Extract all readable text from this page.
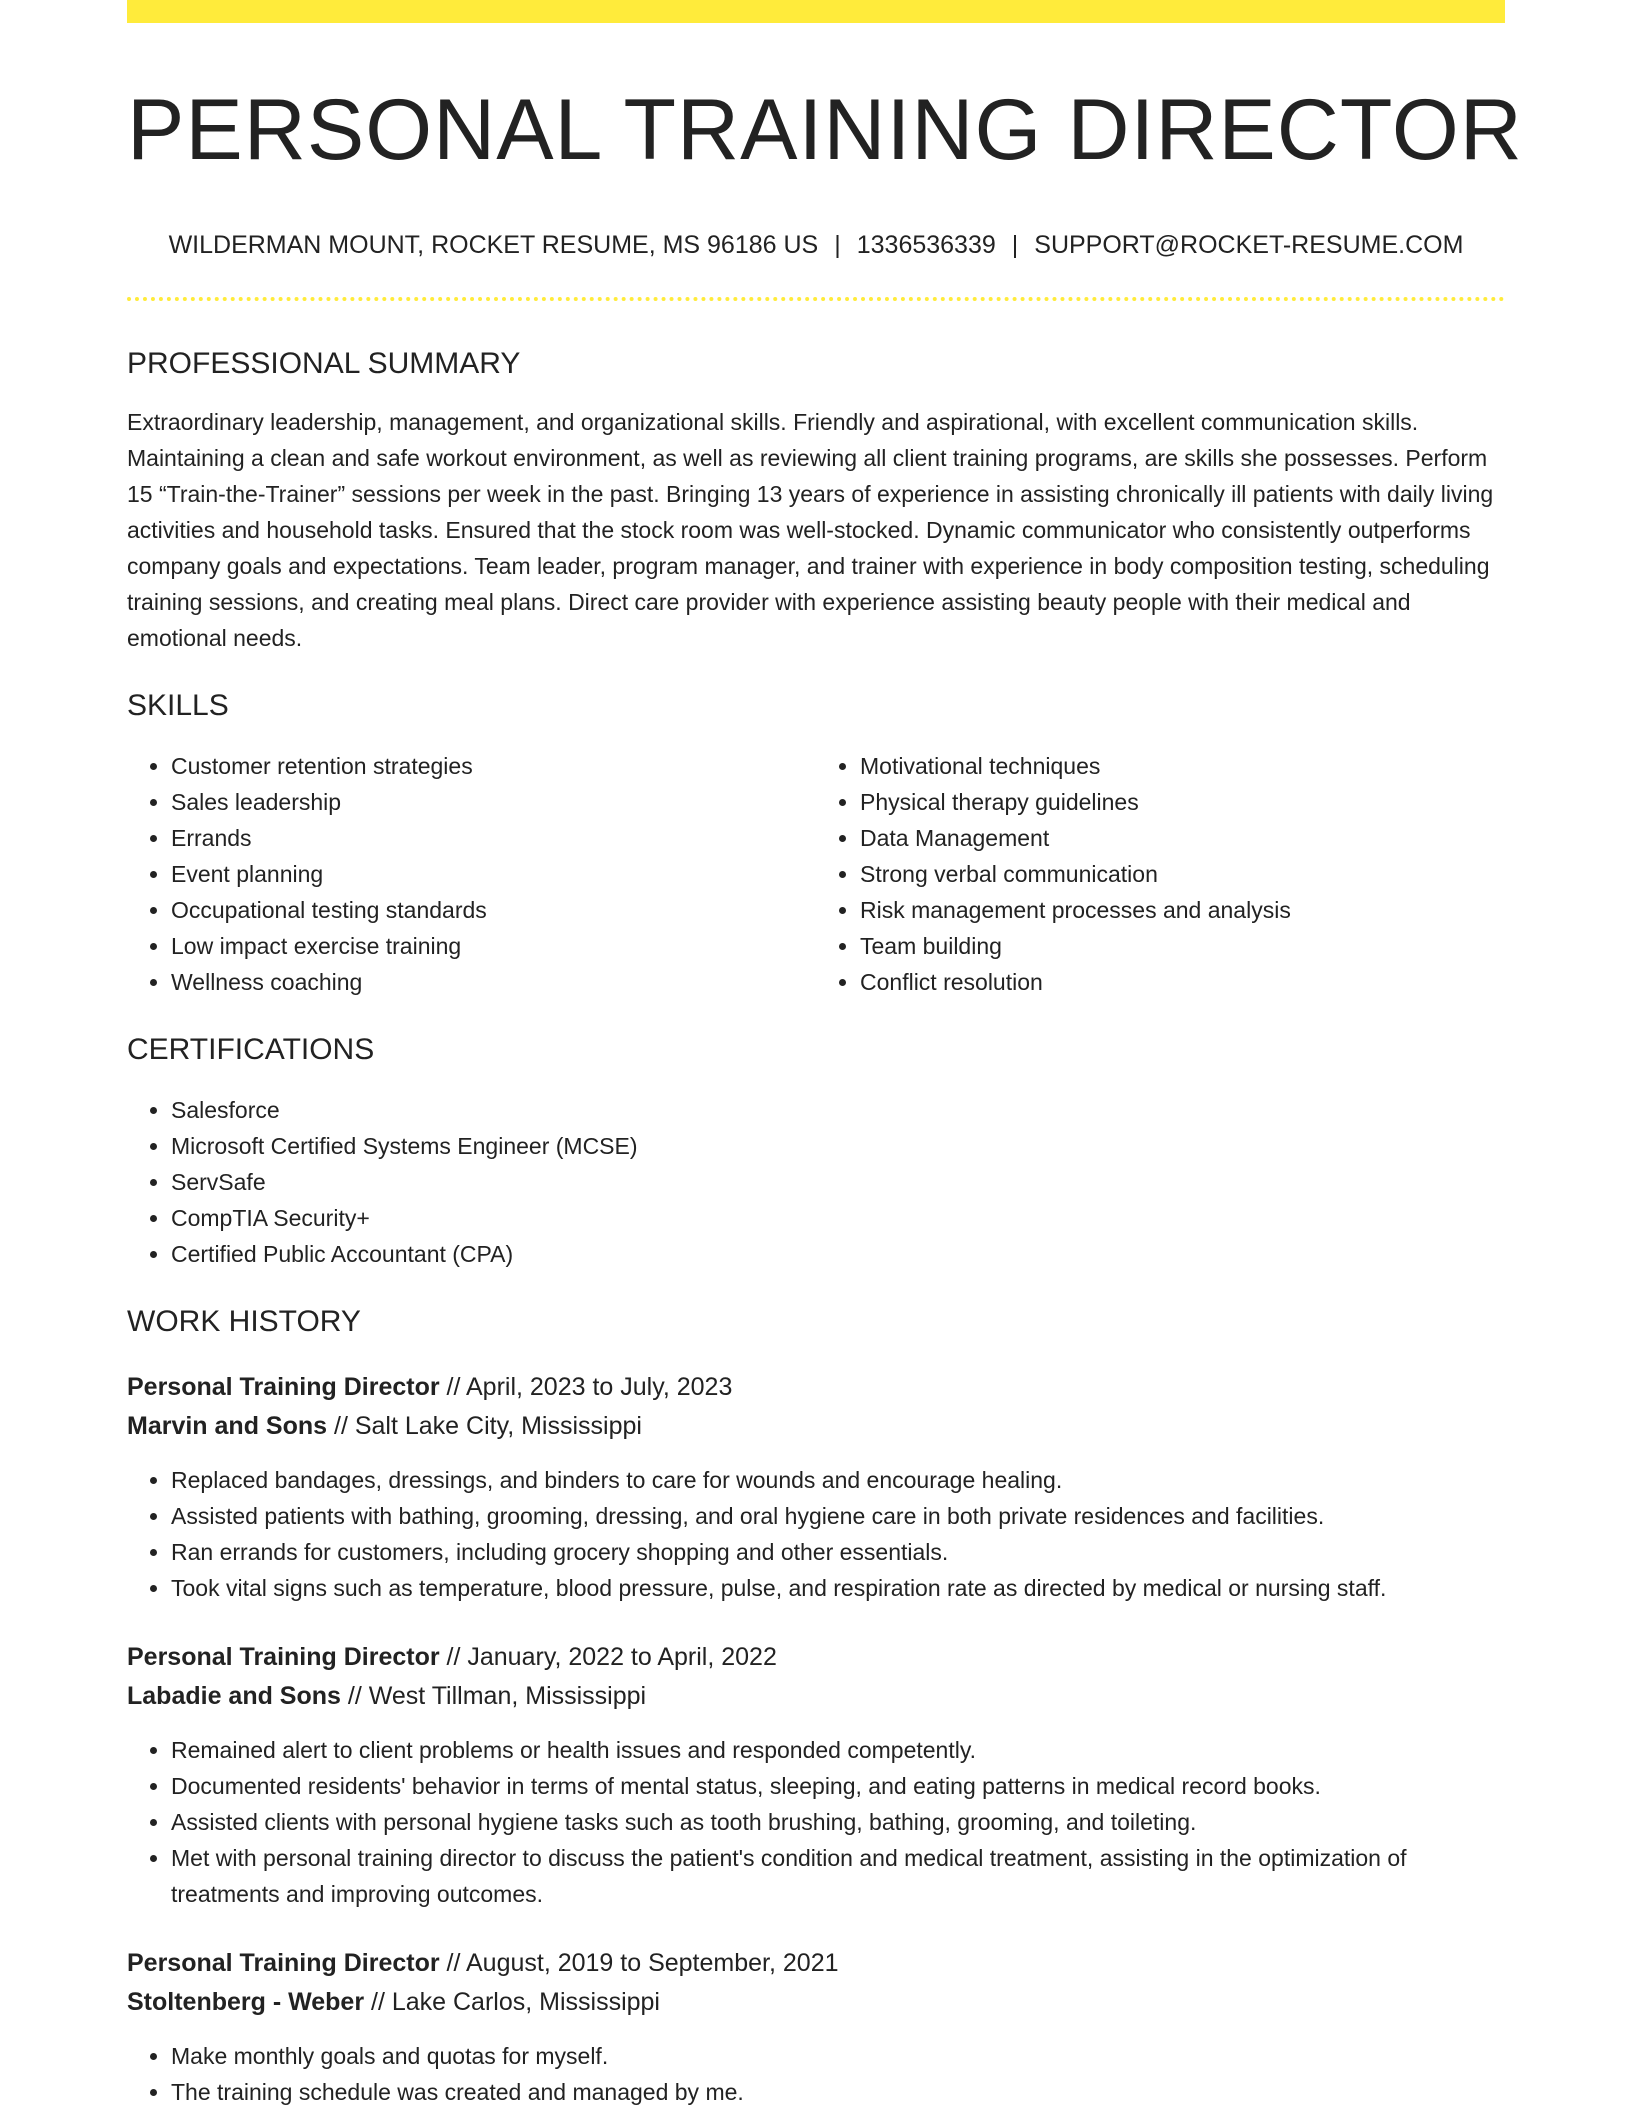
PERSONAL TRAINING DIRECTOR
WILDERMAN MOUNT, ROCKET RESUME, MS 96186 US | 1336536339 | SUPPORT@ROCKET-RESUME.COM
PROFESSIONAL SUMMARY
Extraordinary leadership, management, and organizational skills. Friendly and aspirational, with excellent communication skills. Maintaining a clean and safe workout environment, as well as reviewing all client training programs, are skills she possesses. Perform 15 “Train-the-Trainer” sessions per week in the past. Bringing 13 years of experience in assisting chronically ill patients with daily living activities and household tasks. Ensured that the stock room was well-stocked. Dynamic communicator who consistently outperforms company goals and expectations. Team leader, program manager, and trainer with experience in body composition testing, scheduling training sessions, and creating meal plans. Direct care provider with experience assisting beauty people with their medical and emotional needs.
SKILLS
• Customer retention strategies
• Sales leadership
• Errands
• Event planning
• Occupational testing standards
• Low impact exercise training
• Wellness coaching
• Motivational techniques
• Physical therapy guidelines
• Data Management
• Strong verbal communication
• Risk management processes and analysis
• Team building
• Conflict resolution
CERTIFICATIONS
• Salesforce
• Microsoft Certified Systems Engineer (MCSE)
• ServSafe
• CompTIA Security+
• Certified Public Accountant (CPA)
WORK HISTORY
Personal Training Director // April, 2023 to July, 2023
Marvin and Sons // Salt Lake City, Mississippi
• Replaced bandages, dressings, and binders to care for wounds and encourage healing.
• Assisted patients with bathing, grooming, dressing, and oral hygiene care in both private residences and facilities.
• Ran errands for customers, including grocery shopping and other essentials.
• Took vital signs such as temperature, blood pressure, pulse, and respiration rate as directed by medical or nursing staff.
Personal Training Director // January, 2022 to April, 2022
Labadie and Sons // West Tillman, Mississippi
• Remained alert to client problems or health issues and responded competently.
• Documented residents' behavior in terms of mental status, sleeping, and eating patterns in medical record books.
• Assisted clients with personal hygiene tasks such as tooth brushing, bathing, grooming, and toileting.
• Met with personal training director to discuss the patient's condition and medical treatment, assisting in the optimization of treatments and improving outcomes.
Personal Training Director // August, 2019 to September, 2021
Stoltenberg - Weber // Lake Carlos, Mississippi
• Make monthly goals and quotas for myself.
• The training schedule was created and managed by me.
